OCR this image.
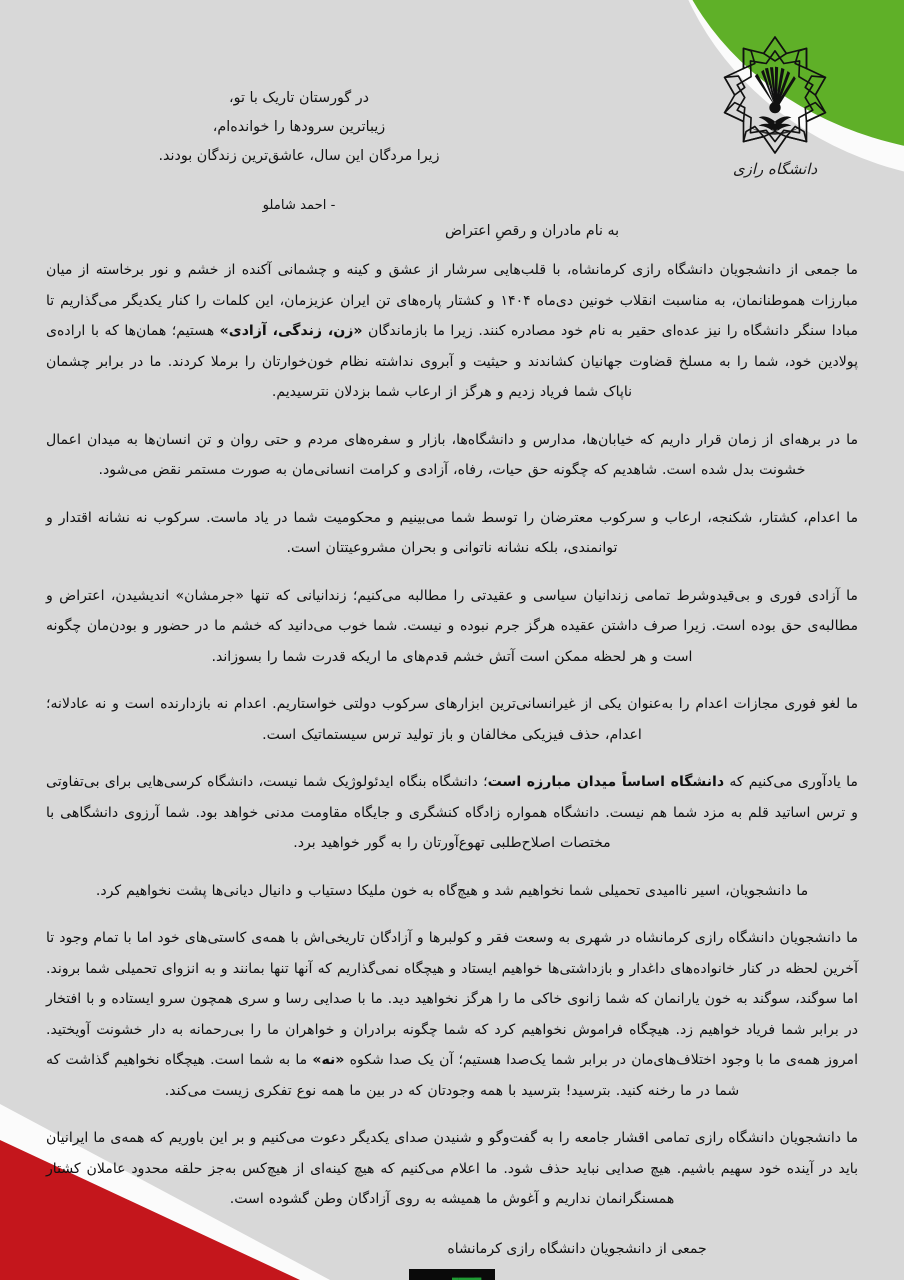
در گورستان تاریک با تو،
زیباترین سرودها را خوانده‌ام،
زیرا مردگان این سال، عاشق‌ترین زندگان بودند.
- احمد شاملو
دانشگاه رازی
به نام مادران و رقصِ اعتراض

ما جمعی از دانشجویان دانشگاه رازی کرمانشاه، با قلب‌هایی سرشار از عشق و کینه و چشمانی آکنده از خشم و نور برخاسته از میان مبارزات هموطنانمان، به مناسبت انقلاب خونین دی‌ماه ۱۴۰۴ و کشتار پاره‌های تن ایران عزیزمان، این کلمات را کنار یکدیگر می‌گذاریم تا مبادا سنگر دانشگاه را نیز عده‌ای حقیر به نام خود مصادره کنند. زیرا ما بازماندگان «زن، زندگی، آزادی» هستیم؛ همان‌ها که با اراده‌ی پولادین خود، شما را به مسلخ قضاوت جهانیان کشاندند و حیثیت و آبروی نداشته نظام خون‌خوارتان را برملا کردند. ما در برابر چشمان ناپاک شما فریاد زدیم و هرگز از ارعاب شما بزدلان نترسیدیم.

ما در برهه‌ای از زمان قرار داریم که خیابان‌ها، مدارس و دانشگاه‌ها، بازار و سفره‌های مردم و حتی روان و تن انسان‌ها به میدان اعمال خشونت بدل شده است. شاهدیم که چگونه حق حیات، رفاه، آزادی و کرامت انسانی‌مان به صورت مستمر نقض می‌شود.

ما اعدام، کشتار، شکنجه، ارعاب و سرکوب معترضان را توسط شما می‌بینیم و محکومیت شما در یاد ماست. سرکوب نه نشانه اقتدار و توانمندی، بلکه نشانه ناتوانی و بحران مشروعیتتان است.

ما آزادی فوری و بی‌قیدوشرط تمامی زندانیان سیاسی و عقیدتی را مطالبه می‌کنیم؛ زندانیانی که تنها «جرمشان» اندیشیدن، اعتراض و مطالبه‌ی حق بوده است. زیرا صرف داشتن عقیده هرگز جرم نبوده و نیست. شما خوب می‌دانید که خشم ما در حضور و بودن‌مان چگونه است و هر لحظه ممکن است آتش خشم قدم‌های ما اریکه قدرت شما را بسوزاند.

ما لغو فوری مجازات اعدام را به‌عنوان یکی از غیرانسانی‌ترین ابزارهای سرکوب دولتی خواستاریم. اعدام نه بازدارنده است و نه عادلانه؛ اعدام، حذف فیزیکی مخالفان و باز تولید ترس سیستماتیک است.

ما یادآوری می‌کنیم که دانشگاه اساساً میدان مبارزه است؛ دانشگاه بنگاه ایدئولوژیک شما نیست، دانشگاه کرسی‌هایی برای بی‌تفاوتی و ترس اساتید قلم به مزد شما هم نیست. دانشگاه همواره زادگاه کنشگری و جایگاه مقاومت مدنی خواهد بود. شما آرزوی دانشگاهی با مختصات اصلاح‌طلبی تهوع‌آورتان را به گور خواهید برد.

ما دانشجویان، اسیر ناامیدی تحمیلی شما نخواهیم شد و هیچ‌گاه به خون ملیکا دستیاب و دانیال دیانی‌ها پشت نخواهیم کرد.

ما دانشجویان دانشگاه رازی کرمانشاه در شهری به وسعت فقر و کولبرها و آزادگان تاریخی‌اش با همه‌ی کاستی‌های خود اما با تمام وجود تا آخرین لحظه در کنار خانواده‌های داغدار و بازداشتی‌ها خواهیم ایستاد و هیچگاه نمی‌گذاریم که آنها تنها بمانند و به انزوای تحمیلی شما بروند. اما سوگند، سوگند به خون یارانمان که شما زانوی خاکی ما را هرگز نخواهید دید. ما با صدایی رسا و سری همچون سرو ایستاده و با افتخار در برابر شما فریاد خواهیم زد. هیچگاه فراموش نخواهیم کرد که شما چگونه برادران و خواهران ما را بی‌رحمانه به دار خشونت آویختید. امروز همه‌ی ما با وجود اختلاف‌های‌مان در برابر شما یک‌صدا هستیم؛ آن یک صدا شکوه «نه» ما به شما است. هیچگاه نخواهیم گذاشت که شما در ما رخنه کنید. بترسید! بترسید با همه وجودتان که در بین ما همه نوع تفکری زیست می‌کند.

ما دانشجویان دانشگاه رازی تمامی اقشار جامعه را به گفت‌وگو و شنیدن صدای یکدیگر دعوت می‌کنیم و بر این باوریم که همه‌ی ما ایرانیان باید در آینده خود سهیم باشیم. هیچ صدایی نباید حذف شود. ما اعلام می‌کنیم که هیچ کینه‌ای از هیچ‌کس به‌جز حلقه محدود عاملان کشتار همسنگرانمان نداریم و آغوش ما همیشه به روی آزادگان وطن گشوده است.

جمعی از دانشجویان دانشگاه رازی کرمانشاه
